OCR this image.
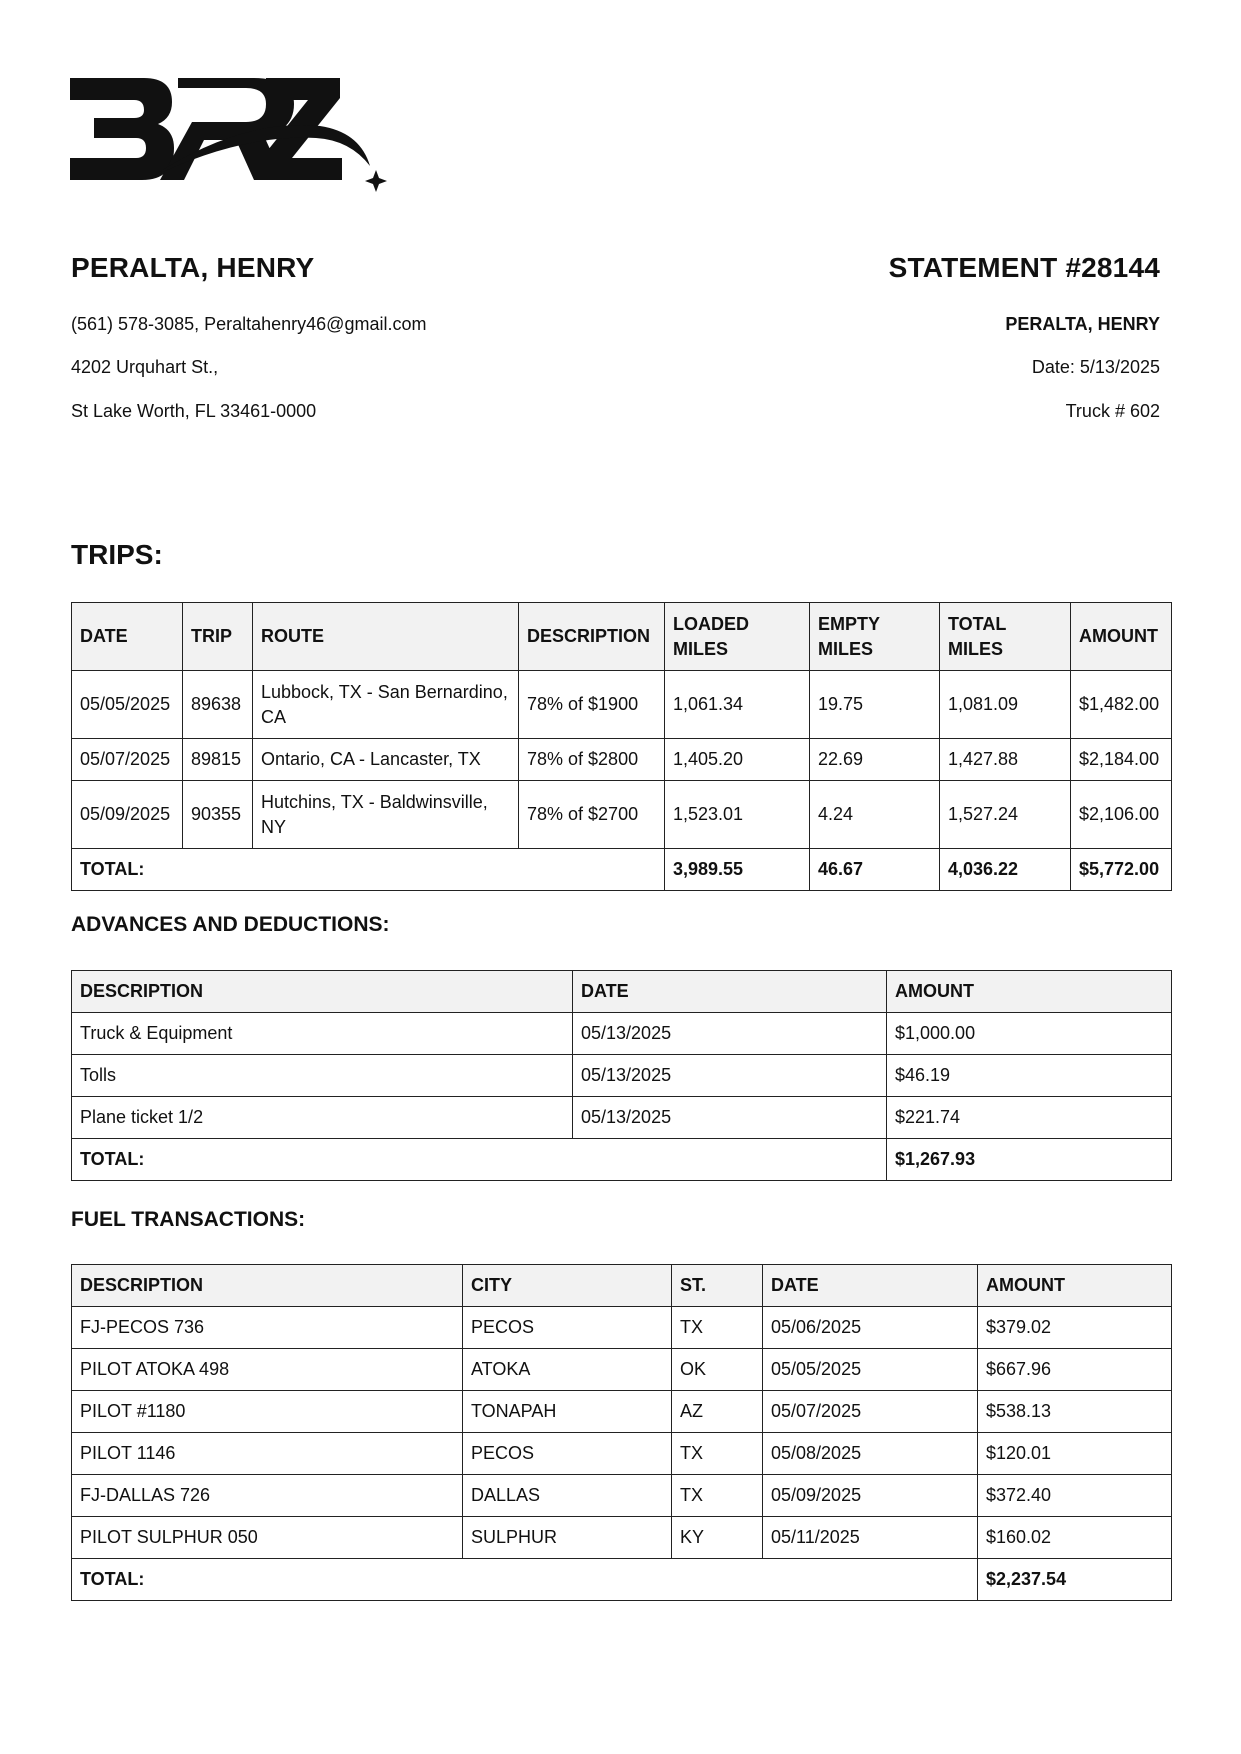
PERALTA, HENRY	STATEMENT #28144

(561) 578-3085, Peraltahenry46@gmail.com

4202 Urquhart St.,

St Lake Worth, FL 33461-0000

PERALTA, HENRY

Date: 5/13/2025

Truck # 602

TRIPS:
DATE	TRIP	ROUTE	DESCRIPTION	LOADED MILES	EMPTY MILES	TOTAL MILES	AMOUNT
05/05/2025	89638	Lubbock, TX - San Bernardino, CA	78% of $1900	1,061.34	19.75	1,081.09	$1,482.00
05/07/2025	89815	Ontario, CA - Lancaster, TX	78% of $2800	1,405.20	22.69	1,427.88	$2,184.00
05/09/2025	90355	Hutchins, TX - Baldwinsville, NY	78% of $2700	1,523.01	4.24	1,527.24	$2,106.00
TOTAL:				3,989.55	46.67	4,036.22	$5,772.00
ADVANCES AND DEDUCTIONS:
DESCRIPTION	DATE	AMOUNT
Truck & Equipment	05/13/2025	$1,000.00
Tolls	05/13/2025	$46.19
Plane ticket 1/2	05/13/2025	$221.74
TOTAL:		$1,267.93
FUEL TRANSACTIONS:
DESCRIPTION	CITY	ST.	DATE	AMOUNT
FJ-PECOS 736	PECOS	TX	05/06/2025	$379.02
PILOT ATOKA 498	ATOKA	OK	05/05/2025	$667.96
PILOT #1180	TONAPAH	AZ	05/07/2025	$538.13
PILOT 1146	PECOS	TX	05/08/2025	$120.01
FJ-DALLAS 726	DALLAS	TX	05/09/2025	$372.40
PILOT SULPHUR 050	SULPHUR	KY	05/11/2025	$160.02
TOTAL:				$2,237.54
